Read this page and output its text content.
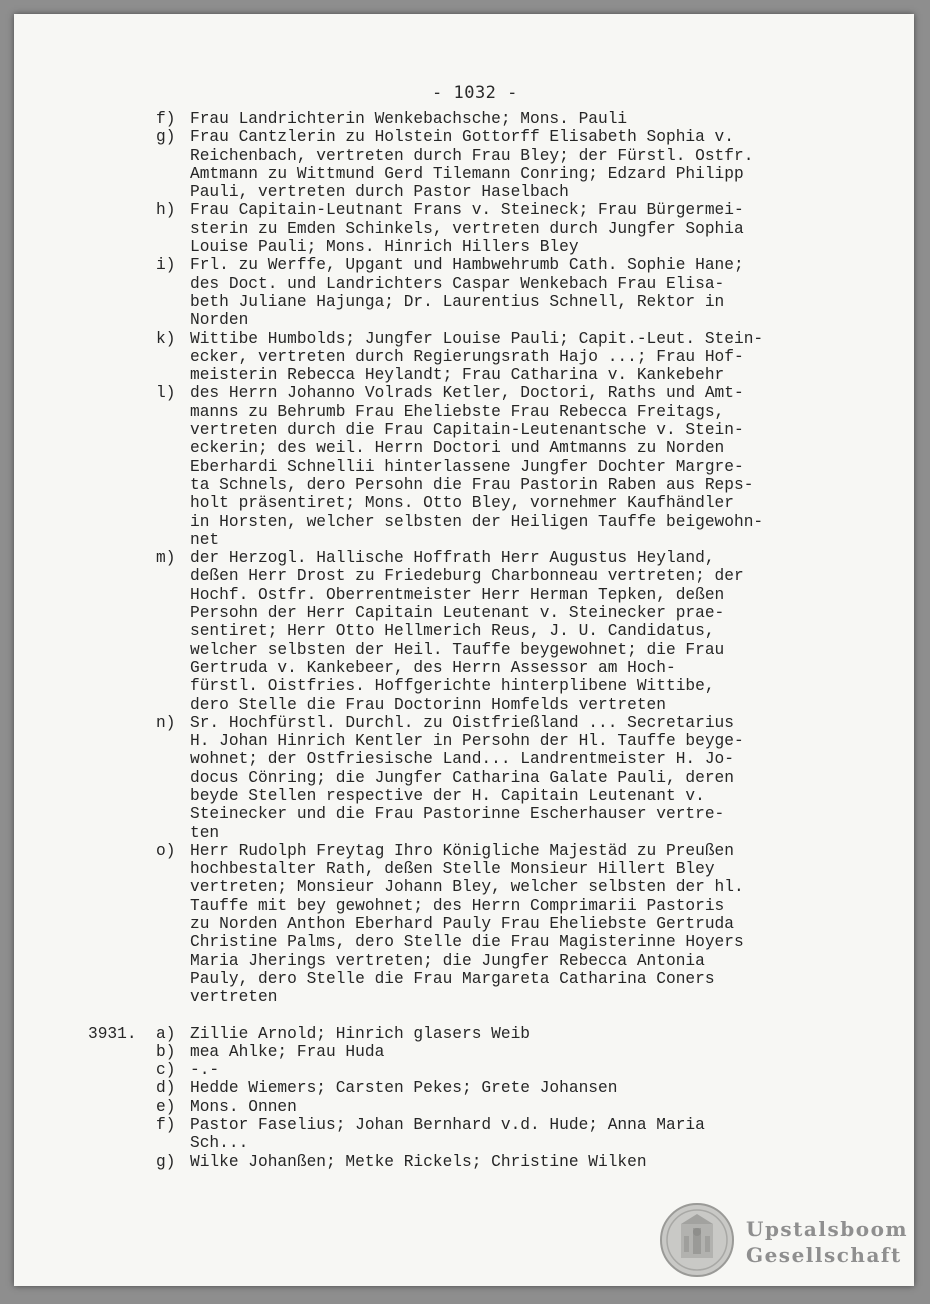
- 1032 -
f) Frau Landrichterin Wenkebachsche; Mons. Pauli
g) Frau Cantzlerin zu Holstein Gottorff Elisabeth Sophia v.
Reichenbach, vertreten durch Frau Bley; der Fürstl. Ostfr.
Amtmann zu Wittmund Gerd Tilemann Conring; Edzard Philipp
Pauli, vertreten durch Pastor Haselbach
h) Frau Capitain-Leutnant Frans v. Steineck; Frau Bürgermei-
sterin zu Emden Schinkels, vertreten durch Jungfer Sophia
Louise Pauli; Mons. Hinrich Hillers Bley
i) Frl. zu Werffe, Upgant und Hambwehrumb Cath. Sophie Hane;
des Doct. und Landrichters Caspar Wenkebach Frau Elisa-
beth Juliane Hajunga; Dr. Laurentius Schnell, Rektor in
Norden
k) Wittibe Humbolds; Jungfer Louise Pauli; Capit.-Leut. Stein-
ecker, vertreten durch Regierungsrath Hajo ...; Frau Hof-
meisterin Rebecca Heylandt; Frau Catharina v. Kankebehr
l) des Herrn Johanno Volrads Ketler, Doctori, Raths und Amt-
manns zu Behrumb Frau Eheliebste Frau Rebecca Freitags,
vertreten durch die Frau Capitain-Leutenantsche v. Stein-
eckerin; des weil. Herrn Doctori und Amtmanns zu Norden
Eberhardi Schnellii hinterlassene Jungfer Dochter Margre-
ta Schnels, dero Persohn die Frau Pastorin Raben aus Reps-
holt präsentiret; Mons. Otto Bley, vornehmer Kaufhändler
in Horsten, welcher selbsten der Heiligen Tauffe beigewohn-
net
m) der Herzogl. Hallische Hoffrath Herr Augustus Heyland,
deßen Herr Drost zu Friedeburg Charbonneau vertreten; der
Hochf. Ostfr. Oberrentmeister Herr Herman Tepken, deßen
Persohn der Herr Capitain Leutenant v. Steinecker prae-
sentiret; Herr Otto Hellmerich Reus, J. U. Candidatus,
welcher selbsten der Heil. Tauffe beygewohnet; die Frau
Gertruda v. Kankebeer, des Herrn Assessor am Hoch-
fürstl. Oistfries. Hoffgerichte hinterplibene Wittibe,
dero Stelle die Frau Doctorinn Homfelds vertreten
n) Sr. Hochfürstl. Durchl. zu Oistfrießland ... Secretarius
H. Johan Hinrich Kentler in Persohn der Hl. Tauffe beyge-
wohnet; der Ostfriesische Land... Landrentmeister H. Jo-
docus Cönring; die Jungfer Catharina Galate Pauli, deren
beyde Stellen respective der H. Capitain Leutenant v.
Steinecker und die Frau Pastorinne Escherhauser vertre-
ten
o) Herr Rudolph Freytag Ihro Königliche Majestäd zu Preußen
hochbestalter Rath, deßen Stelle Monsieur Hillert Bley
vertreten; Monsieur Johann Bley, welcher selbsten der hl.
Tauffe mit bey gewohnet; des Herrn Comprimarii Pastoris
zu Norden Anthon Eberhard Pauly Frau Eheliebste Gertruda
Christine Palms, dero Stelle die Frau Magisterinne Hoyers
Maria Jherings vertreten; die Jungfer Rebecca Antonia
Pauly, dero Stelle die Frau Margareta Catharina Coners
vertreten
3931. a) Zillie Arnold; Hinrich glasers Weib
b) mea Ahlke; Frau Huda
c) -.-
d) Hedde Wiemers; Carsten Pekes; Grete Johansen
e) Mons. Onnen
f) Pastor Faselius; Johan Bernhard v.d. Hude; Anna Maria
Sch...
g) Wilke Johanßen; Metke Rickels; Christine Wilken
Upstalsboom
Gesellschaft
